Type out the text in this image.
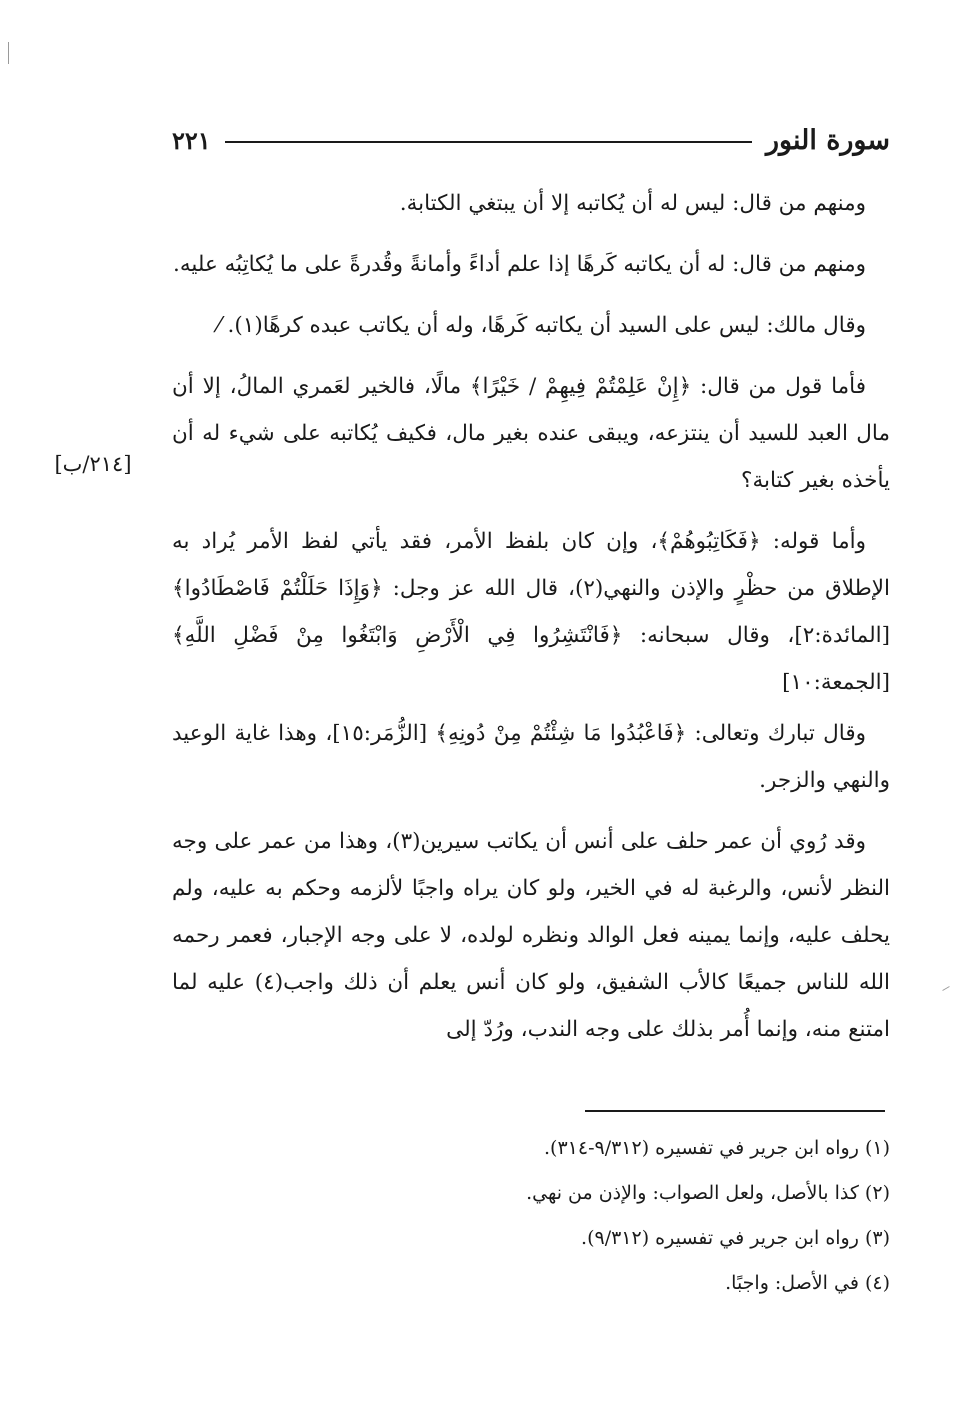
سورة النور
٢٢١
[٢١٤/ب]

ومنهم من قال: ليس له أن يُكاتبه إلا أن يبتغي الكتابة.

ومنهم من قال: له أن يكاتبه كَرهًا إذا علم أداءً وأمانةً وقُدرةً على ما يُكاتِبُه عليه.

وقال مالك: ليس على السيد أن يكاتبه كَرهًا، وله أن يكاتب عبده كرهًا(١). ⁄

فأما قول من قال: ﴿إِنْ عَلِمْتُمْ فِيهِمْ / خَيْرًا﴾ مالًا، فالخير لعَمري المالُ، إلا أن مال العبد للسيد أن ينتزعه، ويبقى عنده بغير مال، فكيف يُكاتبه على شيء له أن يأخذه بغير كتابة؟

وأما قوله: ﴿فَكَاتِبُوهُمْ﴾، وإن كان بلفظ الأمر، فقد يأتي لفظ الأمر يُراد به الإطلاق من حظْرٍ والإذن والنهي(٢)، قال الله عز وجل: ﴿وَإِذَا حَلَلْتُمْ فَاصْطَادُوا﴾ [المائدة:٢]، وقال سبحانه: ﴿فَانْتَشِرُوا فِي الْأَرْضِ وَابْتَغُوا مِنْ فَضْلِ اللَّهِ﴾ [الجمعة:١٠]

وقال تبارك وتعالى: ﴿فَاعْبُدُوا مَا شِئْتُمْ مِنْ دُونِهِ﴾ [الزُّمَر:١٥]، وهذا غاية الوعيد والنهي والزجر.

وقد رُوي أن عمر حلف على أنس أن يكاتب سيرين(٣)، وهذا من عمر على وجه النظر لأنس، والرغبة له في الخير، ولو كان يراه واجبًا لألزمه وحكم به عليه، ولم يحلف عليه، وإنما يمينه فعل الوالد ونظره لولده، لا على وجه الإجبار، فعمر رحمه الله للناس جميعًا كالأب الشفيق، ولو كان أنس يعلم أن ذلك واجب(٤) عليه لما امتنع منه، وإنما أُمر بذلك على وجه الندب، ورُدّ إلى

(١) رواه ابن جرير في تفسيره (٩/٣١٢-٣١٤).

(٢) كذا بالأصل، ولعل الصواب: والإذن من نهي.

(٣) رواه ابن جرير في تفسيره (٩/٣١٢).

(٤) في الأصل: واجبًا.
